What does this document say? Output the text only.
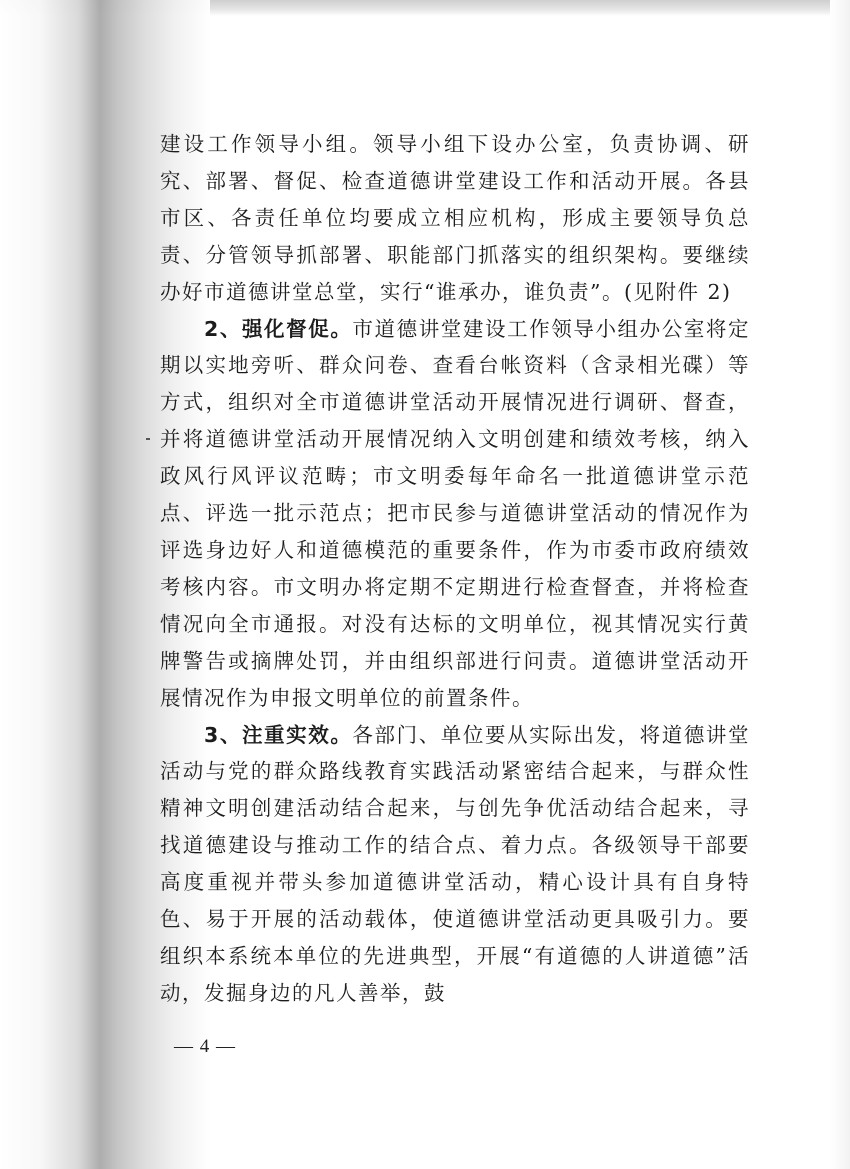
建设工作领导小组。领导小组下设办公室，负责协调、研究、部署、督促、检查道德讲堂建设工作和活动开展。各县市区、各责任单位均要成立相应机构，形成主要领导负总责、分管领导抓部署、职能部门抓落实的组织架构。要继续办好市道德讲堂总堂，实行“谁承办，谁负责”。(见附件 2)

2、强化督促。市道德讲堂建设工作领导小组办公室将定期以实地旁听、群众问卷、查看台帐资料（含录相光碟）等方式，组织对全市道德讲堂活动开展情况进行调研、督查，并将道德讲堂活动开展情况纳入文明创建和绩效考核，纳入政风行风评议范畴；市文明委每年命名一批道德讲堂示范点、评选一批示范点；把市民参与道德讲堂活动的情况作为评选身边好人和道德模范的重要条件，作为市委市政府绩效考核内容。市文明办将定期不定期进行检查督查，并将检查情况向全市通报。对没有达标的文明单位，视其情况实行黄牌警告或摘牌处罚，并由组织部进行问责。道德讲堂活动开展情况作为申报文明单位的前置条件。

3、注重实效。各部门、单位要从实际出发，将道德讲堂活动与党的群众路线教育实践活动紧密结合起来，与群众性精神文明创建活动结合起来，与创先争优活动结合起来，寻找道德建设与推动工作的结合点、着力点。各级领导干部要高度重视并带头参加道德讲堂活动，精心设计具有自身特色、易于开展的活动载体，使道德讲堂活动更具吸引力。要组织本系统本单位的先进典型，开展“有道德的人讲道德”活动，发掘身边的凡人善举，鼓

— 4 —
